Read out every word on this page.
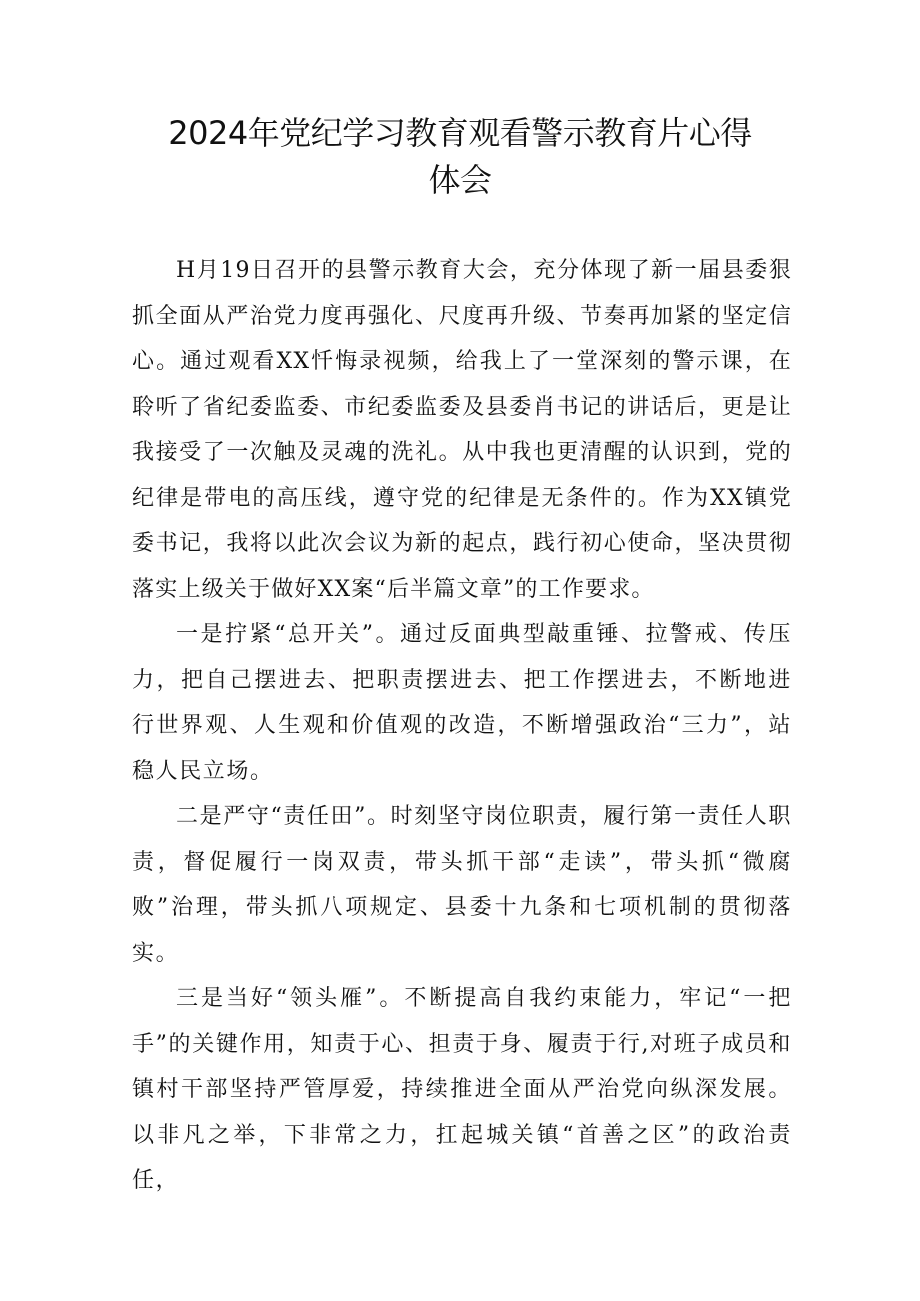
2024年党纪学习教育观看警示教育片心得
体会

H月19日召开的县警示教育大会，充分体现了新一届县委狠抓全面从严治党力度再强化、尺度再升级、节奏再加紧的坚定信心。通过观看XX忏悔录视频，给我上了一堂深刻的警示课，在聆听了省纪委监委、市纪委监委及县委肖书记的讲话后，更是让我接受了一次触及灵魂的洗礼。从中我也更清醒的认识到，党的纪律是带电的高压线，遵守党的纪律是无条件的。作为XX镇党委书记，我将以此次会议为新的起点，践行初心使命，坚决贯彻落实上级关于做好XX案“后半篇文章”的工作要求。

一是拧紧“总开关”。通过反面典型敲重锤、拉警戒、传压力，把自己摆进去、把职责摆进去、把工作摆进去，不断地进行世界观、人生观和价值观的改造，不断增强政治“三力”，站稳人民立场。

二是严守“责任田”。时刻坚守岗位职责，履行第一责任人职责，督促履行一岗双责，带头抓干部“走读”，带头抓“微腐败”治理，带头抓八项规定、县委十九条和七项机制的贯彻落实。

三是当好“领头雁”。不断提高自我约束能力，牢记“一把手”的关键作用，知责于心、担责于身、履责于行,对班子成员和镇村干部坚持严管厚爱，持续推进全面从严治党向纵深发展。以非凡之举，下非常之力，扛起城关镇“首善之区”的政治责任，
